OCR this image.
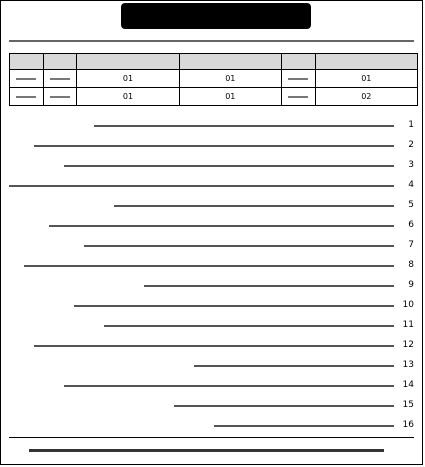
		01	01		01
		01	01		02
1
2
3
4
5
6
7
8
9
10
11
12
13
14
15
16
